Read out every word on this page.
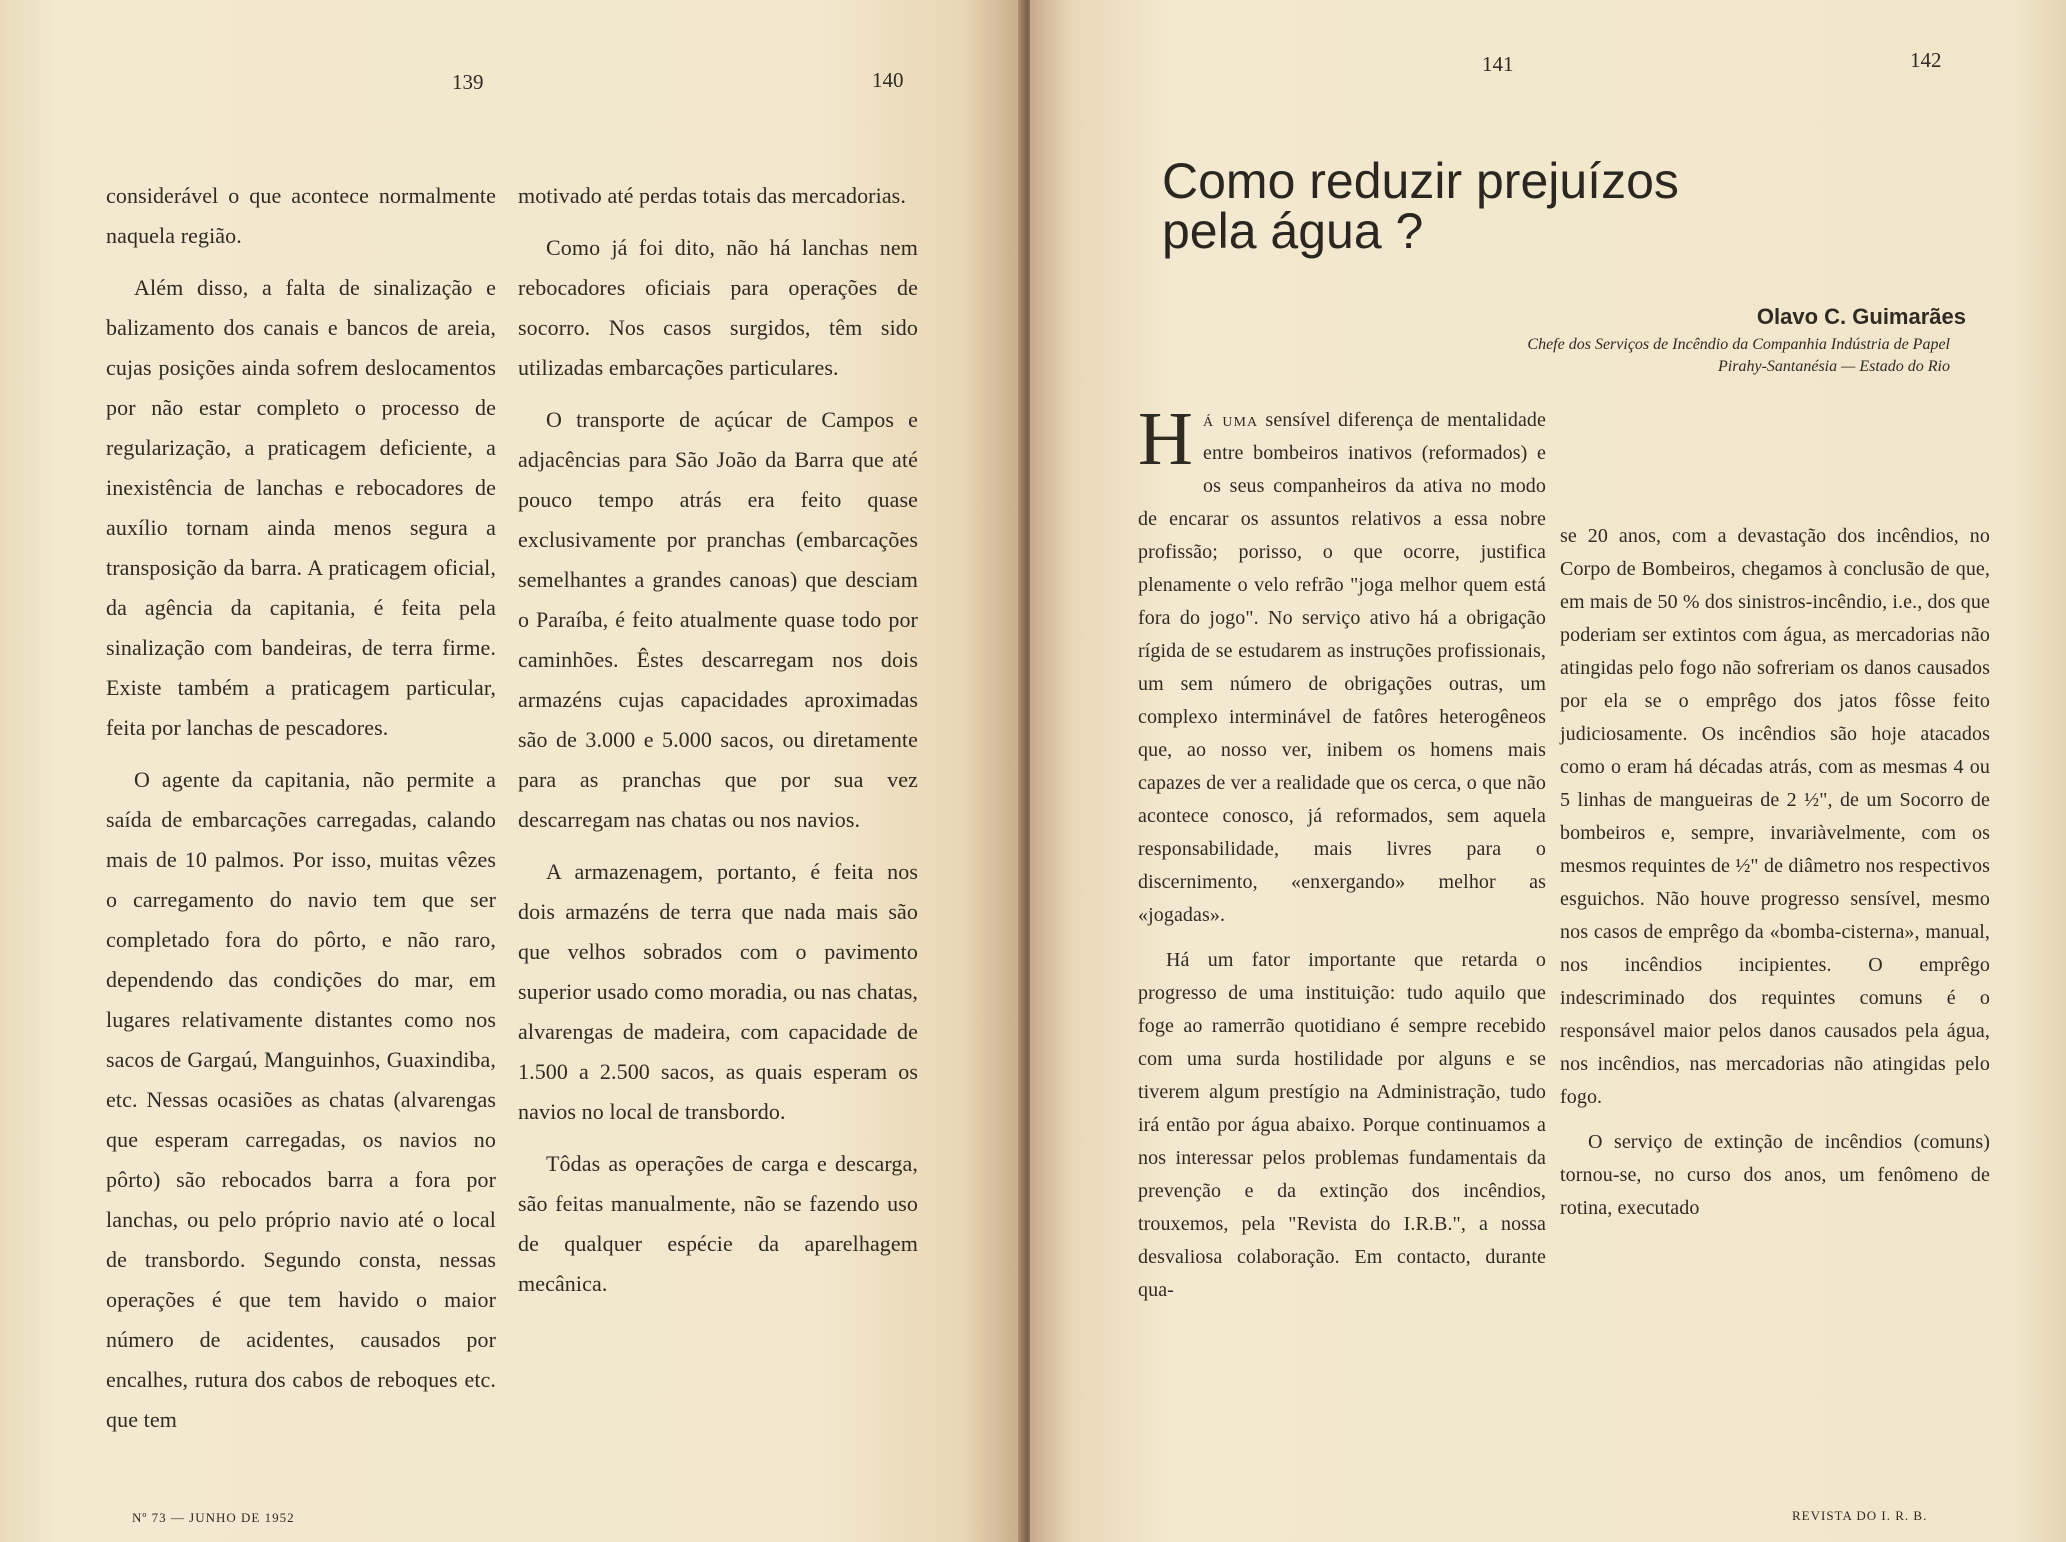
139	140

considerável o que acontece normalmente naquela região.

Além disso, a falta de sinalização e balizamento dos canais e bancos de areia, cujas posições ainda sofrem deslocamentos por não estar completo o processo de regularização, a praticagem deficiente, a inexistência de lanchas e rebocadores de auxílio tornam ainda menos segura a transposição da barra. A praticagem oficial, da agência da capitania, é feita pela sinalização com bandeiras, de terra firme. Existe também a praticagem particular, feita por lanchas de pescadores.

O agente da capitania, não permite a saída de embarcações carregadas, calando mais de 10 palmos. Por isso, muitas vêzes o carregamento do navio tem que ser completado fora do pôrto, e não raro, dependendo das condições do mar, em lugares relativamente distantes como nos sacos de Gargaú, Manguinhos, Guaxindiba, etc. Nessas ocasiões as chatas (alvarengas que esperam carregadas, os navios no pôrto) são rebocados barra a fora por lanchas, ou pelo próprio navio até o local de transbordo. Segundo consta, nessas operações é que tem havido o maior número de acidentes, causados por encalhes, rutura dos cabos de reboques etc. que tem

motivado até perdas totais das mercadorias.

Como já foi dito, não há lanchas nem rebocadores oficiais para operações de socorro. Nos casos surgidos, têm sido utilizadas embarcações particulares.

O transporte de açúcar de Campos e adjacências para São João da Barra que até pouco tempo atrás era feito quase exclusivamente por pranchas (embarcações semelhantes a grandes canoas) que desciam o Paraíba, é feito atualmente quase todo por caminhões. Êstes descarregam nos dois armazéns cujas capacidades aproximadas são de 3.000 e 5.000 sacos, ou diretamente para as pranchas que por sua vez descarregam nas chatas ou nos navios.

A armazenagem, portanto, é feita nos dois armazéns de terra que nada mais são que velhos sobrados com o pavimento superior usado como moradia, ou nas chatas, alvarengas de madeira, com capacidade de 1.500 a 2.500 sacos, as quais esperam os navios no local de transbordo.

Tôdas as operações de carga e descarga, são feitas manualmente, não se fazendo uso de qualquer espécie da aparelhagem mecânica.

Nº 73 — JUNHO DE 1952
141	142
Como reduzir prejuízos
pela água ?
Olavo C. Guimarães
Chefe dos Serviços de Incêndio da Companhia Indústria de Papel Pirahy-Santanésia — Estado do Rio

Há uma sensível diferença de mentalidade entre bombeiros inativos (reformados) e os seus companheiros da ativa no modo de encarar os assuntos relativos a essa nobre profissão; porisso, o que ocorre, justifica plenamente o velo refrão "joga melhor quem está fora do jogo". No serviço ativo há a obrigação rígida de se estudarem as instruções profissionais, um sem número de obrigações outras, um complexo interminável de fatôres heterogêneos que, ao nosso ver, inibem os homens mais capazes de ver a realidade que os cerca, o que não acontece conosco, já reformados, sem aquela responsabilidade, mais livres para o discernimento, «enxergando» melhor as «jogadas».

Há um fator importante que retarda o progresso de uma instituição: tudo aquilo que foge ao ramerrão quotidiano é sempre recebido com uma surda hostilidade por alguns e se tiverem algum prestígio na Administração, tudo irá então por água abaixo. Porque continuamos a nos interessar pelos problemas fundamentais da prevenção e da extinção dos incêndios, trouxemos, pela "Revista do I.R.B.", a nossa desvaliosa colaboração. Em contacto, durante qua-

se 20 anos, com a devastação dos incêndios, no Corpo de Bombeiros, chegamos à conclusão de que, em mais de 50 % dos sinistros-incêndio, i.e., dos que poderiam ser extintos com água, as mercadorias não atingidas pelo fogo não sofreriam os danos causados por ela se o emprêgo dos jatos fôsse feito judiciosamente. Os incêndios são hoje atacados como o eram há décadas atrás, com as mesmas 4 ou 5 linhas de mangueiras de 2 ½", de um Socorro de bombeiros e, sempre, invariàvelmente, com os mesmos requintes de ½" de diâmetro nos respectivos esguichos. Não houve progresso sensível, mesmo nos casos de emprêgo da «bomba-cisterna», manual, nos incêndios incipientes. O emprêgo indescriminado dos requintes comuns é o responsável maior pelos danos causados pela água, nos incêndios, nas mercadorias não atingidas pelo fogo.

O serviço de extinção de incêndios (comuns) tornou-se, no curso dos anos, um fenômeno de rotina, executado

REVISTA DO I. R. B.
